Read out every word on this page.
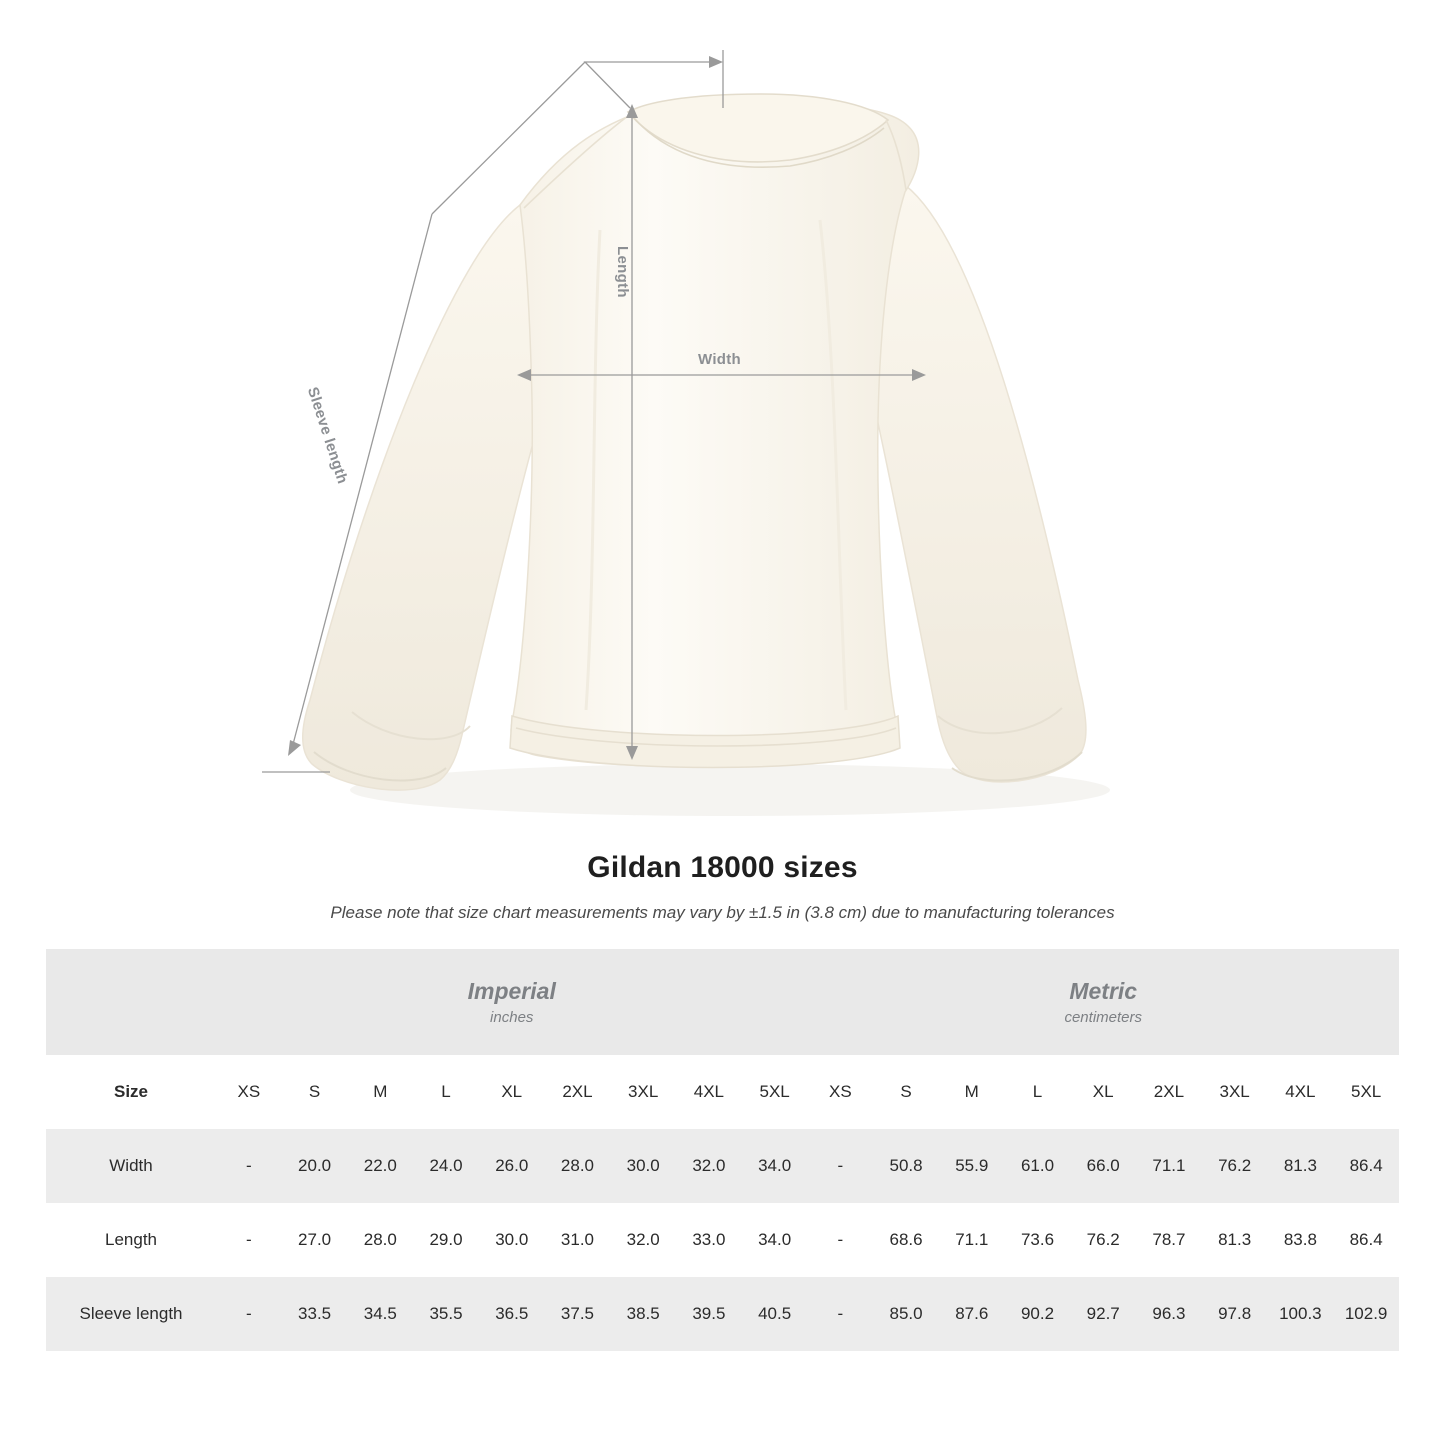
Width
Length
Sleeve length
Gildan 18000 sizes
Please note that size chart measurements may vary by ±1.5 in (3.8 cm) due to manufacturing tolerances

	Imperial
inches									Metric
centimeters								

Size	XS	S	M	L	XL	2XL	3XL	4XL	5XL	XS	S	M	L	XL	2XL	3XL	4XL	5XL
Width	-	20.0	22.0	24.0	26.0	28.0	30.0	32.0	34.0	-	50.8	55.9	61.0	66.0	71.1	76.2	81.3	86.4
Length	-	27.0	28.0	29.0	30.0	31.0	32.0	33.0	34.0	-	68.6	71.1	73.6	76.2	78.7	81.3	83.8	86.4
Sleeve length	-	33.5	34.5	35.5	36.5	37.5	38.5	39.5	40.5	-	85.0	87.6	90.2	92.7	96.3	97.8	100.3	102.9
